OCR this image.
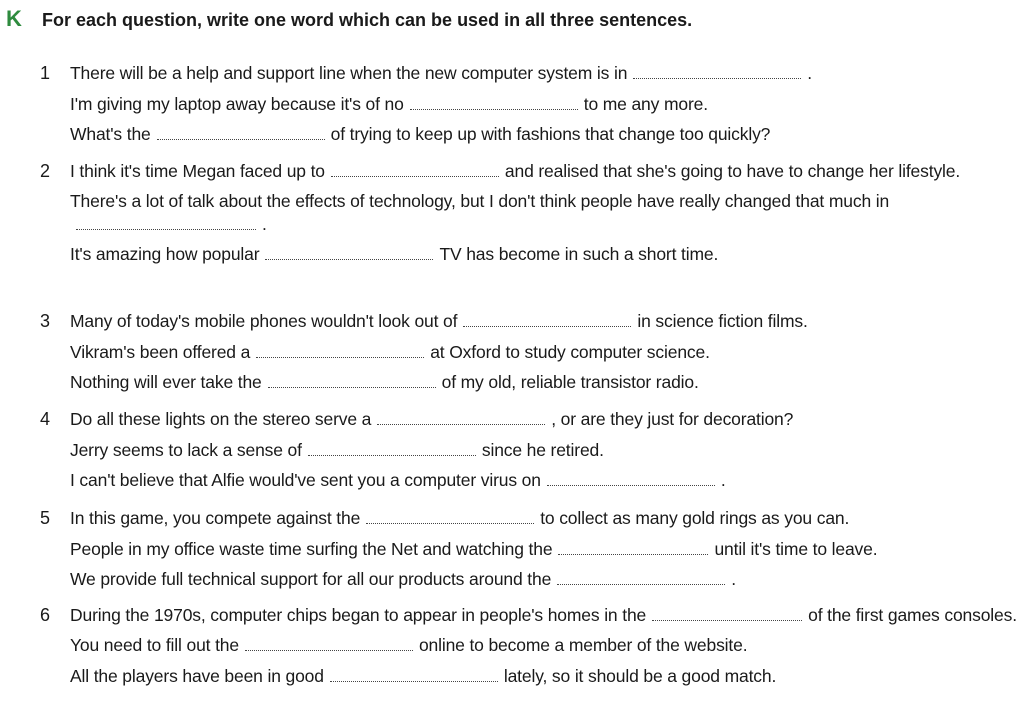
K	For each question, write one word which can be used in all three sentences.
1	There will be a help and support line when the new computer system is in	.
I'm giving my laptop away because it's of no	to me any more.
What's the	of trying to keep up with fashions that change too quickly?
2	I think it's time Megan faced up to	and realised that she's going to have to change her lifestyle.
There's a lot of talk about the effects of technology, but I don't think people have really changed that much in.
It's amazing how popular	TV has become in such a short time.
3	Many of today's mobile phones wouldn't look out of	in science fiction films.
Vikram's been offered a	at Oxford to study computer science.
Nothing will ever take the	of my old, reliable transistor radio.
4	Do all these lights on the stereo serve a	, or are they just for decoration?
Jerry seems to lack a sense of	since he retired.
I can't believe that Alfie would've sent you a computer virus on	.
5	In this game, you compete against the	to collect as many gold rings as you can.
People in my office waste time surfing the Net and watching the	until it's time to leave.
We provide full technical support for all our products around the	.
6	During the 1970s, computer chips began to appear in people's homes in the	of the first games consoles.
You need to fill out the	online to become a member of the website.
All the players have been in good	lately, so it should be a good match.
